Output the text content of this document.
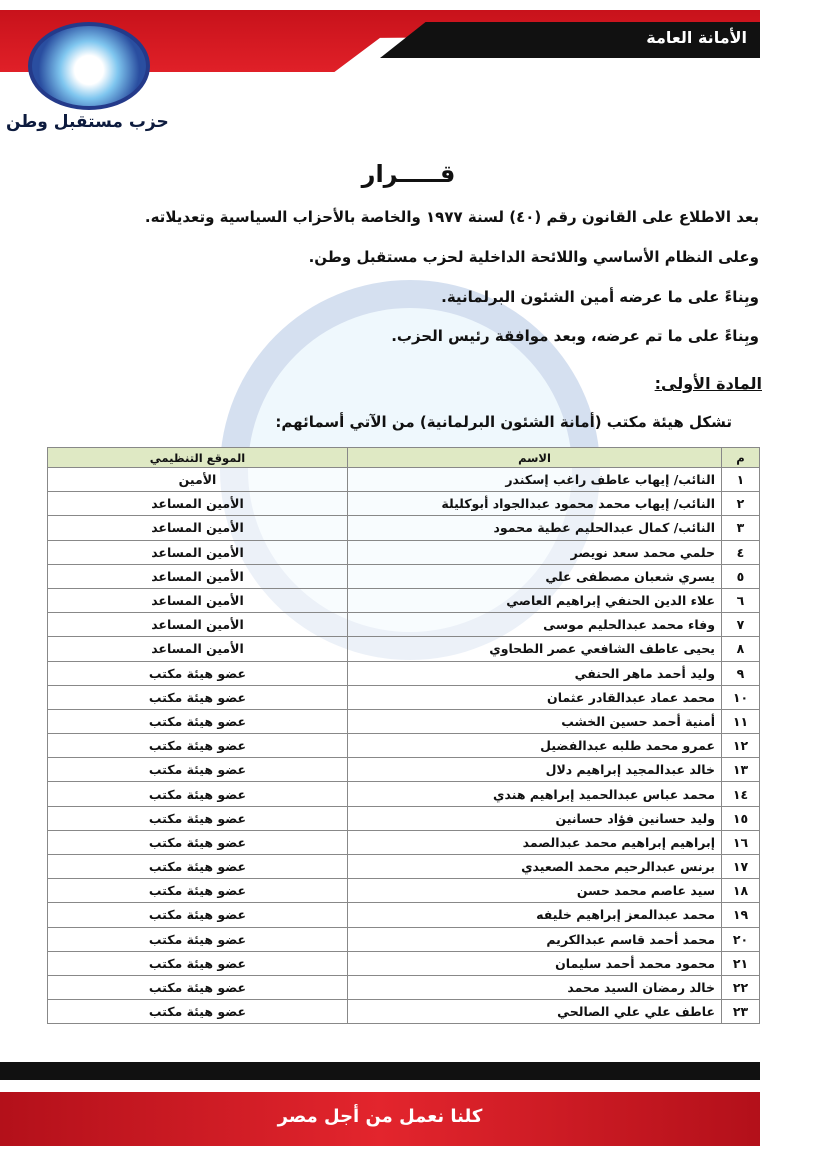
الأمانة العامة
حزب مستقبل وطن
قـــــرار
بعد الاطلاع على القانون رقم (٤٠) لسنة ١٩٧٧ والخاصة بالأحزاب السياسية وتعديلاته.
وعلى النظام الأساسي واللائحة الداخلية لحزب مستقبل وطن.
وبِناءً على ما عرضه أمين الشئون البرلمانية.
وبِناءً على ما تم عرضه، وبعد موافقة رئيس الحزب.
المادة الأولى:
تشكل هيئة مكتب (أمانة الشئون البرلمانية) من الآتي أسمائهم:
م	الاسم	الموقع التنظيمي
١	النائب/ إيهاب عاطف راغب إسكندر	الأمين
٢	النائب/ إيهاب محمد محمود عبدالجواد أبوكليلة	الأمين المساعد
٣	النائب/ كمال عبدالحليم عطية محمود	الأمين المساعد
٤	حلمي محمد سعد نويصر	الأمين المساعد
٥	يسري شعبان مصطفى علي	الأمين المساعد
٦	علاء الدين الحنفي إبراهيم العاصي	الأمين المساعد
٧	وفاء محمد عبدالحليم موسى	الأمين المساعد
٨	يحيى عاطف الشافعي عصر الطحاوي	الأمين المساعد
٩	وليد أحمد ماهر الحنفي	عضو هيئة مكتب
١٠	محمد عماد عبدالقادر عثمان	عضو هيئة مكتب
١١	أمنية أحمد حسين الخشب	عضو هيئة مكتب
١٢	عمرو محمد طلبه عبدالفضيل	عضو هيئة مكتب
١٣	خالد عبدالمجيد إبراهيم دلال	عضو هيئة مكتب
١٤	محمد عباس عبدالحميد إبراهيم هندي	عضو هيئة مكتب
١٥	وليد حسانين فؤاد حسانين	عضو هيئة مكتب
١٦	إبراهيم إبراهيم محمد عبدالصمد	عضو هيئة مكتب
١٧	برنس عبدالرحيم محمد الصعيدي	عضو هيئة مكتب
١٨	سيد عاصم محمد حسن	عضو هيئة مكتب
١٩	محمد عبدالمعز إبراهيم خليفه	عضو هيئة مكتب
٢٠	محمد أحمد قاسم عبدالكريم	عضو هيئة مكتب
٢١	محمود محمد أحمد سليمان	عضو هيئة مكتب
٢٢	خالد رمضان السيد محمد	عضو هيئة مكتب
٢٣	عاطف علي علي الصالحي	عضو هيئة مكتب
كلنا نعمل من أجل مصر
